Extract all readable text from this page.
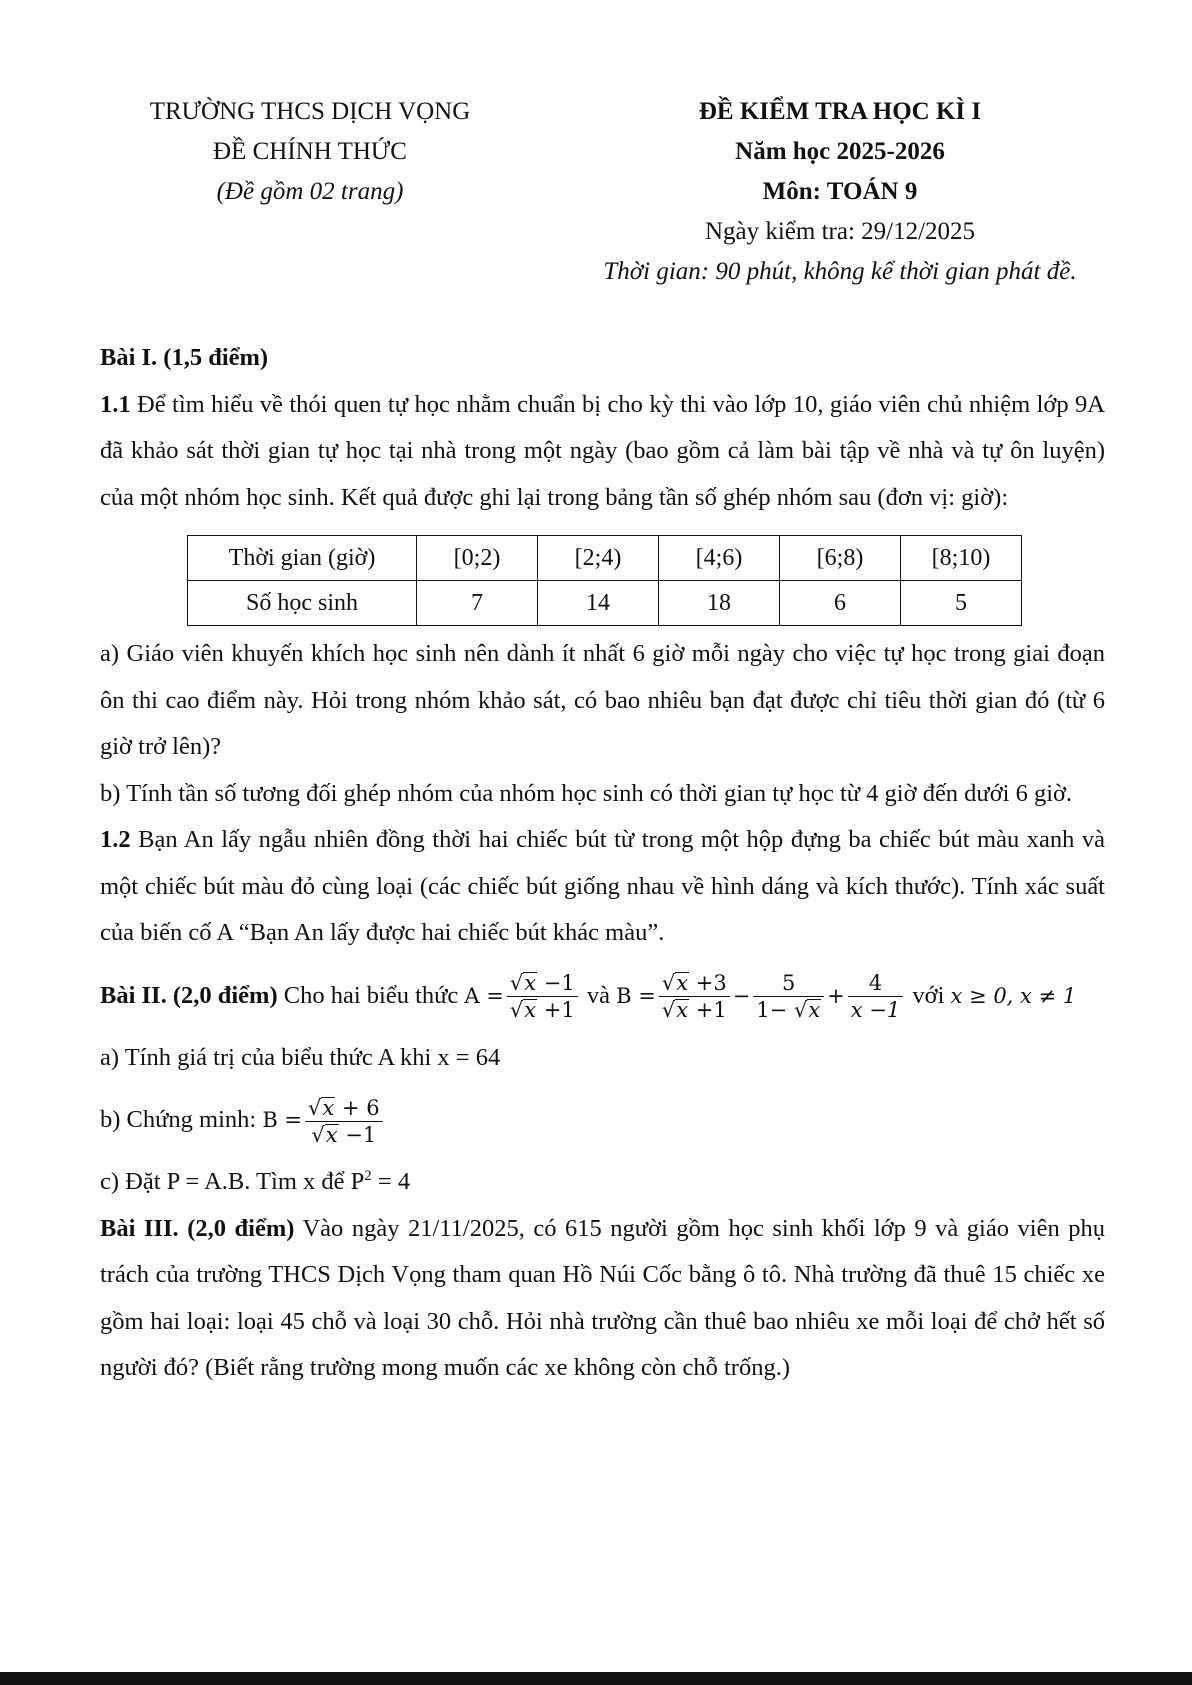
TRƯỜNG THCS DỊCH VỌNG
ĐỀ CHÍNH THỨC
(Đề gồm 02 trang)
ĐỀ KIỂM TRA HỌC KÌ I
Năm học 2025-2026
Môn: TOÁN 9
Ngày kiểm tra: 29/12/2025
Thời gian: 90 phút, không kể thời gian phát đề.

Bài I. (1,5 điểm)

1.1 Để tìm hiểu về thói quen tự học nhằm chuẩn bị cho kỳ thi vào lớp 10, giáo viên chủ nhiệm lớp 9A đã khảo sát thời gian tự học tại nhà trong một ngày (bao gồm cả làm bài tập về nhà và tự ôn luyện) của một nhóm học sinh. Kết quả được ghi lại trong bảng tần số ghép nhóm sau (đơn vị: giờ):

Thời gian (giờ)	[0;2)	[2;4)	[4;6)	[6;8)	[8;10)
Số học sinh	7	14	18	6	5

a) Giáo viên khuyến khích học sinh nên dành ít nhất 6 giờ mỗi ngày cho việc tự học trong giai đoạn ôn thi cao điểm này. Hỏi trong nhóm khảo sát, có bao nhiêu bạn đạt được chỉ tiêu thời gian đó (từ 6 giờ trở lên)?

b) Tính tần số tương đối ghép nhóm của nhóm học sinh có thời gian tự học từ 4 giờ đến dưới 6 giờ.

1.2 Bạn An lấy ngẫu nhiên đồng thời hai chiếc bút từ trong một hộp đựng ba chiếc bút màu xanh và một chiếc bút màu đỏ cùng loại (các chiếc bút giống nhau về hình dáng và kích thước). Tính xác suất của biến cố A “Bạn An lấy được hai chiếc bút khác màu”.

Bài II. (2,0 điểm) Cho hai biểu thức $A = \frac{√x -1}{√x +1}$ và $B = \frac{√x +3}{√x +1} - \frac{5}{1- √x} + \frac{4}{x -1}$ với x ≥ 0, x ≠ 1

a) Tính giá trị của biểu thức A khi x = 64

b) Chứng minh: $B = \frac{√x + 6}{√x -1}$

c) Đặt P = A.B. Tìm x để $P^2 = 4$

Bài III. (2,0 điểm) Vào ngày 21/11/2025, có 615 người gồm học sinh khối lớp 9 và giáo viên phụ trách của trường THCS Dịch Vọng tham quan Hồ Núi Cốc bằng ô tô. Nhà trường đã thuê 15 chiếc xe gồm hai loại: loại 45 chỗ và loại 30 chỗ. Hỏi nhà trường cần thuê bao nhiêu xe mỗi loại để chở hết số người đó? (Biết rằng trường mong muốn các xe không còn chỗ trống.)
